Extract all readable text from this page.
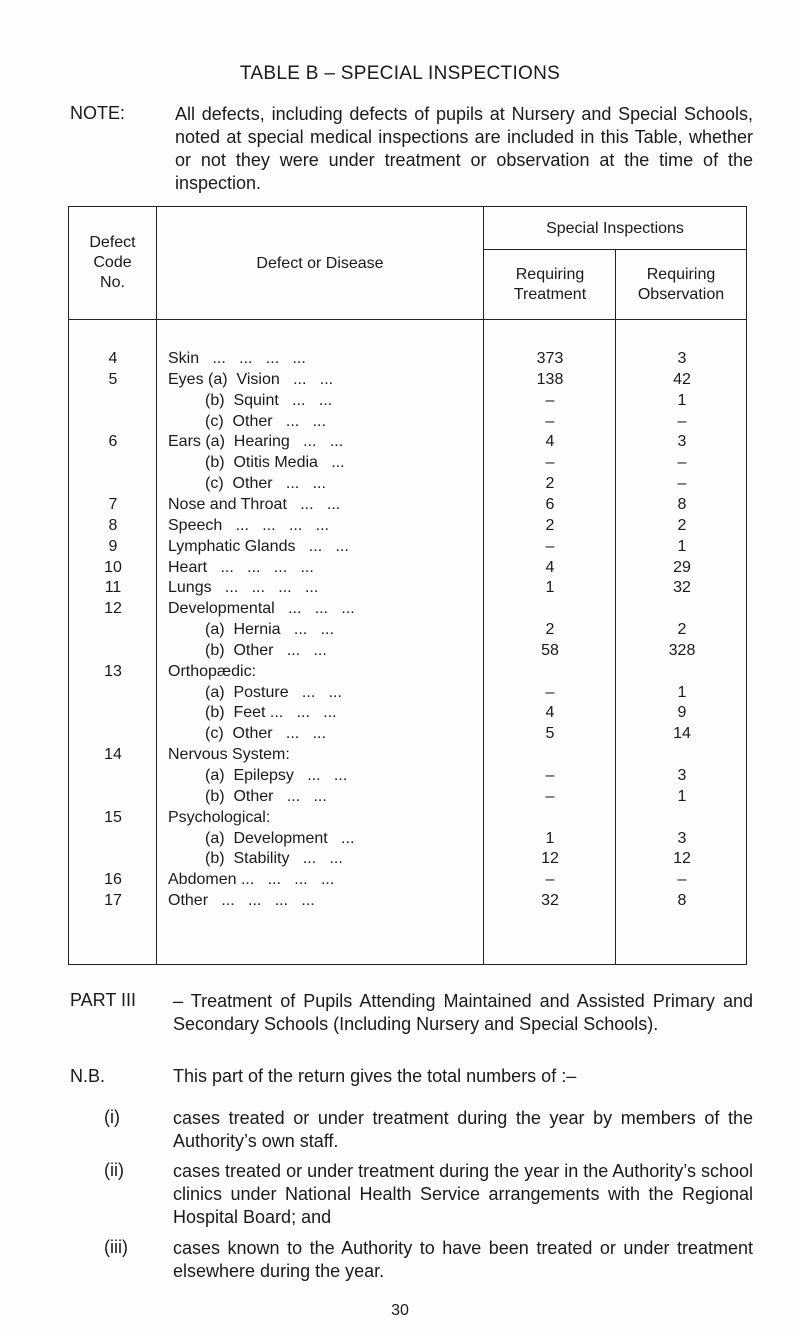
TABLE B – SPECIAL INSPECTIONS
NOTE:	All defects, including defects of pupils at Nursery and Special Schools, noted at special medical inspections are included in this Table, whether or not they were under treatment or observation at the time of the inspection.
Defect Code No.
Defect or Disease
Special Inspections
Requiring Treatment
Requiring Observation
4	Skin   ...   ...   ...   ...	373	3
5	Eyes (a)  Vision   ...   ...	138	42
(b)  Squint   ...   ...	–	1
(c)  Other   ...   ...	–	–
6	Ears (a)  Hearing   ...   ...	4	3
(b)  Otitis Media   ...	–	–
(c)  Other   ...   ...	2	–
7	Nose and Throat   ...   ...	6	8
8	Speech   ...   ...   ...   ...	2	2
9	Lymphatic Glands   ...   ...	–	1
10	Heart   ...   ...   ...   ...	4	29
11	Lungs   ...   ...   ...   ...	1	32
12	Developmental   ...   ...   ...
(a)  Hernia   ...   ...	2	2
(b)  Other   ...   ...	58	328
13	Orthopædic:
(a)  Posture   ...   ...	–	1
(b)  Feet ...   ...   ...	4	9
(c)  Other   ...   ...	5	14
14	Nervous System:
(a)  Epilepsy   ...   ...	–	3
(b)  Other   ...   ...	–	1
15	Psychological:
(a)  Development   ...	1	3
(b)  Stability   ...   ...	12	12
16	Abdomen ...   ...   ...   ...	–	–
17	Other   ...   ...   ...   ...	32	8
PART III – Treatment of Pupils Attending Maintained and Assisted Primary and Secondary Schools (Including Nursery and Special Schools).
N.B.	This part of the return gives the total numbers of :–
(i)	cases treated or under treatment during the year by members of the Authority’s own staff.
(ii)	cases treated or under treatment during the year in the Authority’s school clinics under National Health Service arrangements with the Regional Hospital Board; and
(iii)	cases known to the Authority to have been treated or under treatment elsewhere during the year.
30
